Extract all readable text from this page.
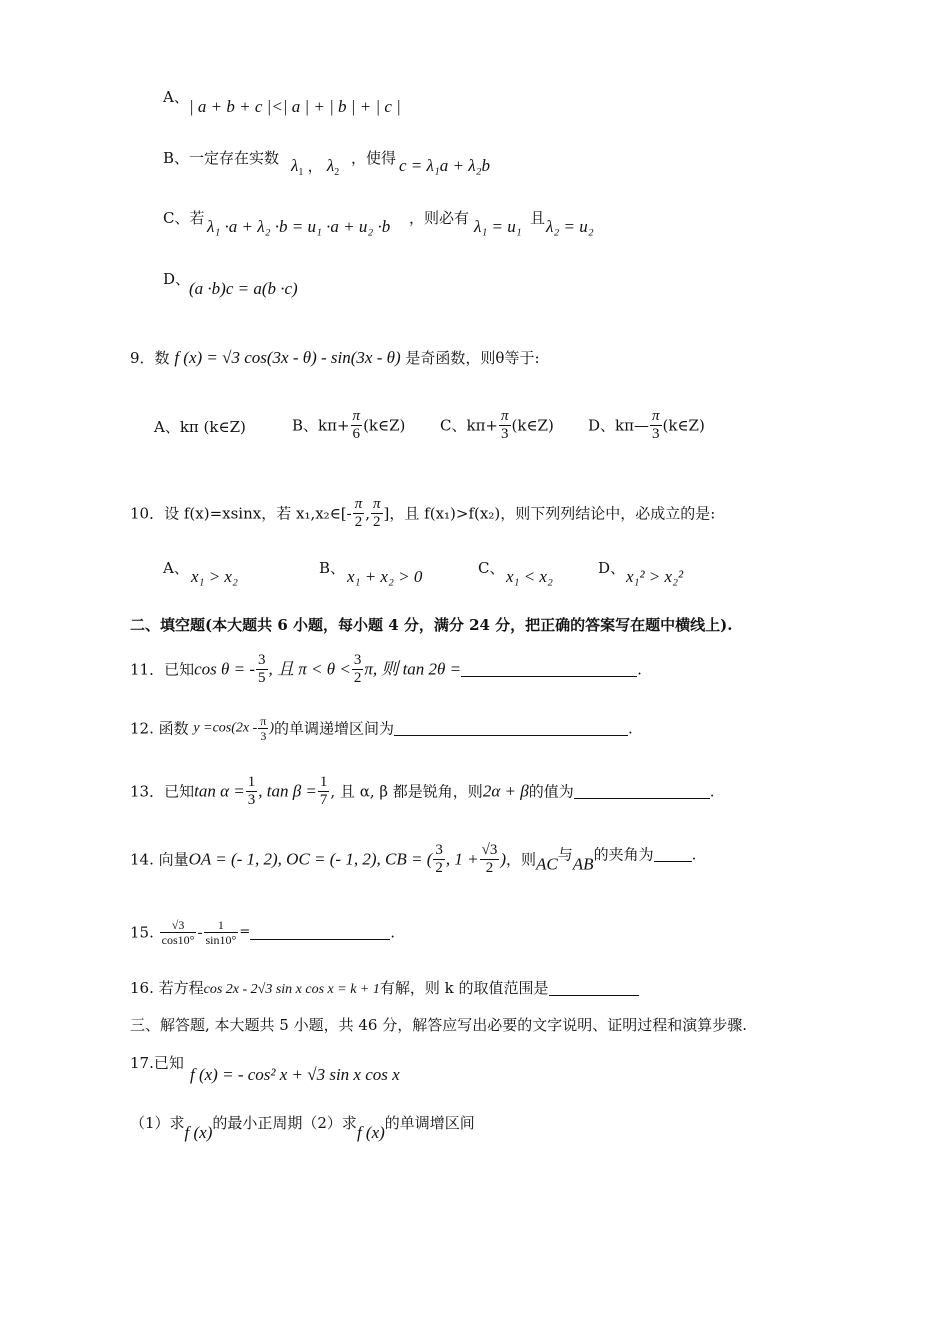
A、 | a + b + c |<| a | + | b | + | c |
B、一定存在实数 $\lambda_1$ ， $\lambda_2$
，使得 c = λ₁a + λ₂b
C、若 λ₁ ·a + λ₂ ·b = u₁ ·a + u₂ ·b ，则必有 λ₁ = u₁ 且 λ₂ = u₂
D、
(a ·b)c = a(b ·c)
9．数 f (x) = √3 cos(3x - θ) - sin(3x - θ) 是奇函数，则θ等于:
A、kπ (k∈Z)	B、$k\pi+ \frac{\pi}{6}$ (k∈Z) C、$k\pi+ \frac{\pi}{3}$ (k∈Z) D、kπ— $\frac{\pi}{3}$ (k∈Z)
10．设 f(x)=xsinx，若 x₁,x₂∈[- $\frac{\pi}{2}$ , $\frac{\pi}{2}$ ]，且 f(x₁)>f(x₂)，则下列列结论中，必成立的是:
A、 x₁ > x₂	B、 x₁ + x₂ > 0	C、 x₁ < x₂	D、 x₁² > x₂²
二、填空题(本大题共 6 小题，每小题 4 分，满分 24 分，把正确的答案写在题中横线上).
11．已知cos θ = - $\frac{3}{5}$ , 且 $\pi < \theta < \frac{3}{2} \pi$, 则 tan 2θ =	.
12. 函数 $y =\cos(2x - \frac{\pi}{3}$ )的单调递增区间为	.
13．已知$\tan \alpha = \frac{1}{3}$ , $\tan \beta = \frac{1}{7}$ , 且 α, β 都是锐角，则2α + β的值为	.
14. 向量OA = (- 1, 2), OC = (- 1, 2), CB = ( $\frac{3}{2}$ , $1 + \frac{√3}{2}$ )，则AC与AB的夹角为	.
15. $\frac{√3}{\cos 10^\circ} - \frac{1}{\sin 10^\circ}$ =	.
16. 若方程cos 2x - 2√3 sin x cos x = k + 1有解，则 k 的取值范围是
三、解答题, 本大题共 5 小题，共 46 分，解答应写出必要的文字说明、证明过程和演算步骤.
17.已知
f (x) = - cos² x + √3 sin x cos x
（1）求f (x)的最小正周期（2）求f (x)的单调增区间
